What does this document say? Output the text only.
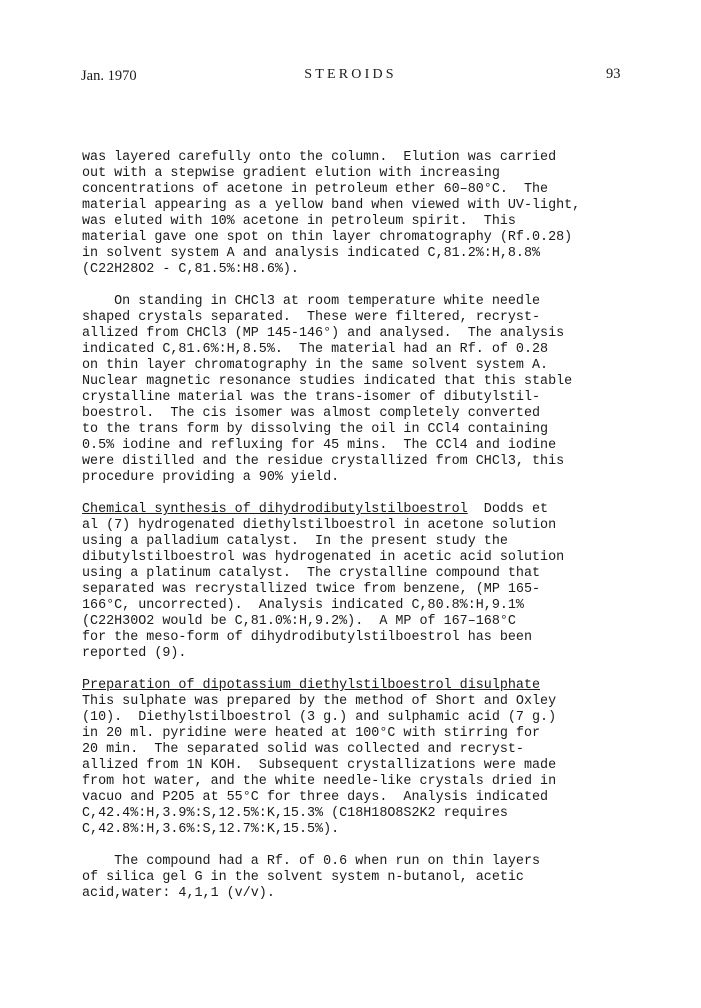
Jan. 1970	STEROIDS	93
was layered carefully onto the column.  Elution was carried
out with a stepwise gradient elution with increasing
concentrations of acetone in petroleum ether 60–80°C.  The
material appearing as a yellow band when viewed with UV-light,
was eluted with 10% acetone in petroleum spirit.  This
material gave one spot on thin layer chromatography (Rf.0.28)
in solvent system A and analysis indicated C,81.2%:H,8.8%
(C22H28O2 - C,81.5%:H8.6%).
On standing in CHCl3 at room temperature white needle
shaped crystals separated.  These were filtered, recryst-
allized from CHCl3 (MP 145-146°) and analysed.  The analysis
indicated C,81.6%:H,8.5%.  The material had an Rf. of 0.28
on thin layer chromatography in the same solvent system A.
Nuclear magnetic resonance studies indicated that this stable
crystalline material was the trans-isomer of dibutylstil-
boestrol.  The cis isomer was almost completely converted
to the trans form by dissolving the oil in CCl4 containing
0.5% iodine and refluxing for 45 mins.  The CCl4 and iodine
were distilled and the residue crystallized from CHCl3, this
procedure providing a 90% yield.
Chemical synthesis of dihydrodibutylstilboestrol  Dodds et
al (7) hydrogenated diethylstilboestrol in acetone solution
using a palladium catalyst.  In the present study the
dibutylstilboestrol was hydrogenated in acetic acid solution
using a platinum catalyst.  The crystalline compound that
separated was recrystallized twice from benzene, (MP 165-
166°C, uncorrected).  Analysis indicated C,80.8%:H,9.1%
(C22H30O2 would be C,81.0%:H,9.2%).  A MP of 167–168°C
for the meso-form of dihydrodibutylstilboestrol has been
reported (9).
Preparation of dipotassium diethylstilboestrol disulphate
This sulphate was prepared by the method of Short and Oxley
(10).  Diethylstilboestrol (3 g.) and sulphamic acid (7 g.)
in 20 ml. pyridine were heated at 100°C with stirring for
20 min.  The separated solid was collected and recryst-
allized from 1N KOH.  Subsequent crystallizations were made
from hot water, and the white needle-like crystals dried in
vacuo and P2O5 at 55°C for three days.  Analysis indicated
C,42.4%:H,3.9%:S,12.5%:K,15.3% (C18H18O8S2K2 requires
C,42.8%:H,3.6%:S,12.7%:K,15.5%).
The compound had a Rf. of 0.6 when run on thin layers
of silica gel G in the solvent system n-butanol, acetic
acid,water: 4,1,1 (v/v).
